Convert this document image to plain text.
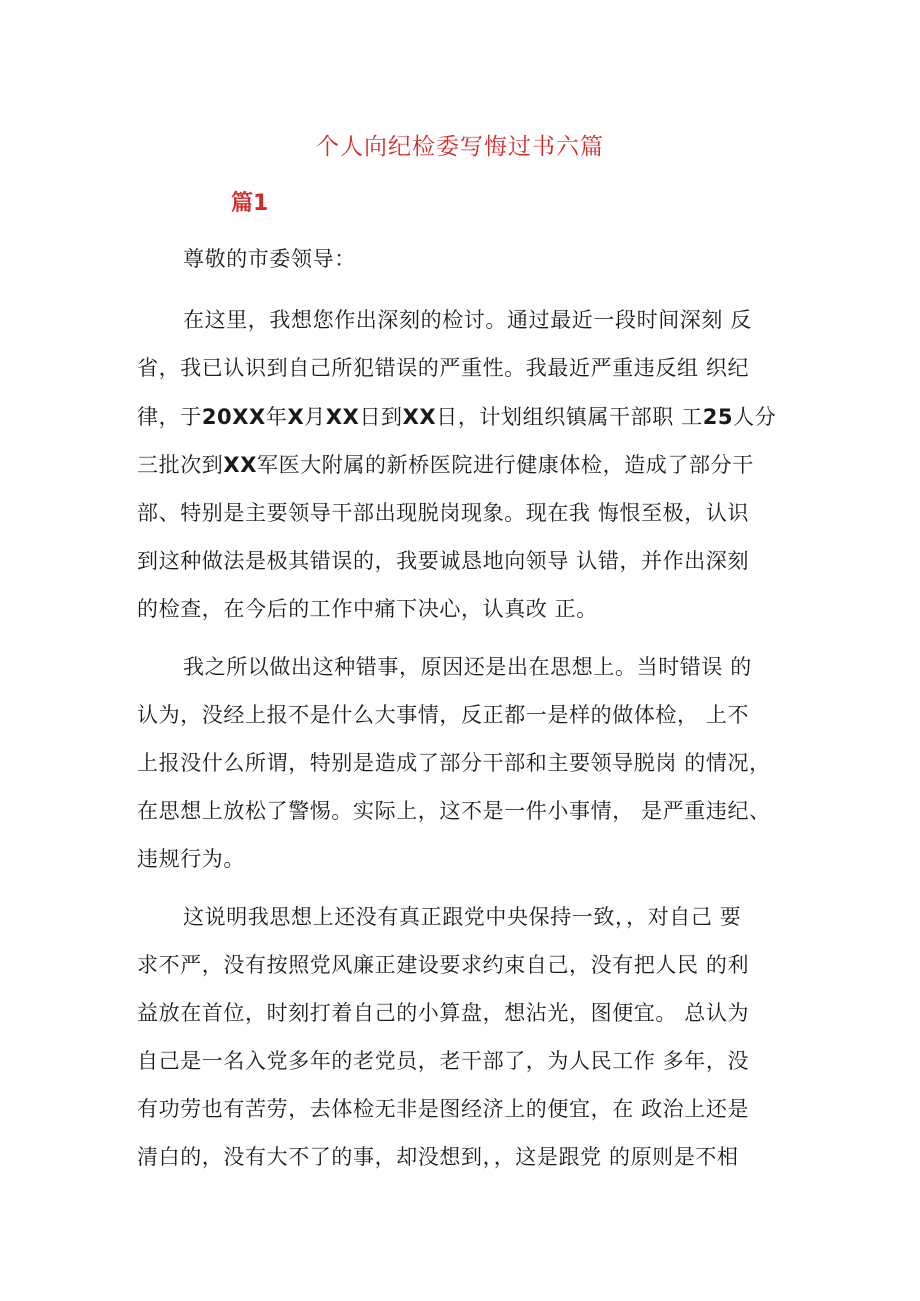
个人向纪检委写悔过书六篇
篇1
尊敬的市委领导：
在这里，我想您作出深刻的检讨。通过最近一段时间深刻 反
省，我已认识到自己所犯错误的严重性。我最近严重违反组 织纪
律，于20XX年X月XX日到XX日，计划组织镇属干部职 工25人分
三批次到XX军医大附属的新桥医院进行健康体检，造成了部分干
部、特别是主要领导干部出现脱岗现象。现在我 悔恨至极，认识
到这种做法是极其错误的，我要诚恳地向领导 认错，并作出深刻
的检查，在今后的工作中痛下决心，认真改 正。
我之所以做出这种错事，原因还是出在思想上。当时错误 的
认为，没经上报不是什么大事情，反正都一是样的做体检， 上不
上报没什么所谓，特别是造成了部分干部和主要领导脱岗 的情况，
在思想上放松了警惕。实际上，这不是一件小事情， 是严重违纪、
违规行为。
这说明我思想上还没有真正跟党中央保持一致，，对自己 要
求不严，没有按照党风廉正建设要求约束自己，没有把人民 的利
益放在首位，时刻打着自己的小算盘，想沾光，图便宜。 总认为
自己是一名入党多年的老党员，老干部了，为人民工作 多年，没
有功劳也有苦劳，去体检无非是图经济上的便宜，在 政治上还是
清白的，没有大不了的事，却没想到，，这是跟党 的原则是不相
